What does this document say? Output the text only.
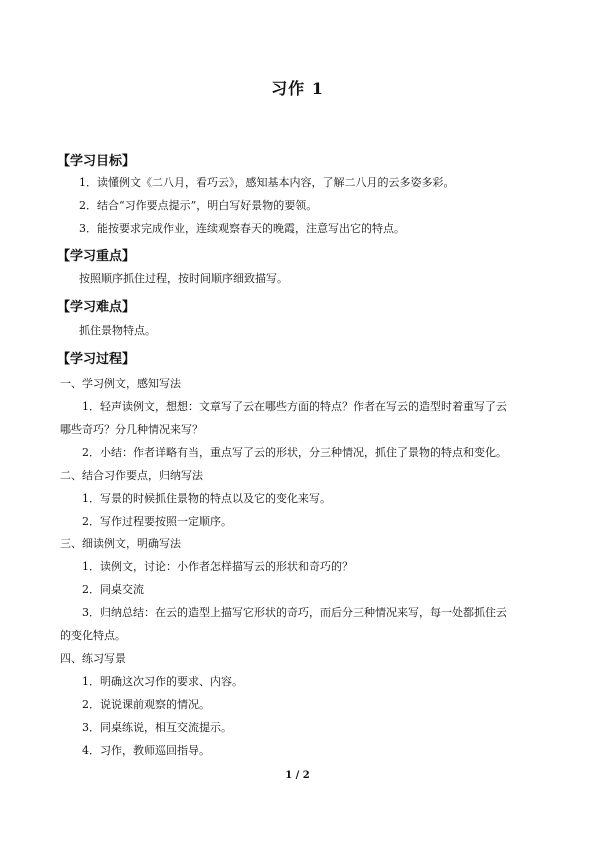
习作 1
【学习目标】
1．读懂例文《二八月，看巧云》，感知基本内容，了解二八月的云多姿多彩。
2．结合“习作要点提示”，明白写好景物的要领。
3．能按要求完成作业，连续观察春天的晚霞，注意写出它的特点。
【学习重点】
按照顺序抓住过程，按时间顺序细致描写。
【学习难点】
抓住景物特点。
【学习过程】
一、学习例文，感知写法
1．轻声读例文，想想：文章写了云在哪些方面的特点？作者在写云的造型时着重写了云
哪些奇巧？分几种情况来写？
2．小结：作者详略有当，重点写了云的形状，分三种情况，抓住了景物的特点和变化。
二、结合习作要点，归纳写法
1．写景的时候抓住景物的特点以及它的变化来写。
2．写作过程要按照一定顺序。
三、细读例文，明确写法
1．读例文，讨论：小作者怎样描写云的形状和奇巧的？
2．同桌交流
3．归纳总结：在云的造型上描写它形状的奇巧，而后分三种情况来写，每一处都抓住云
的变化特点。
四、练习写景
1．明确这次习作的要求、内容。
2．说说课前观察的情况。
3．同桌练说，相互交流提示。
4．习作，教师巡回指导。
1 / 2
